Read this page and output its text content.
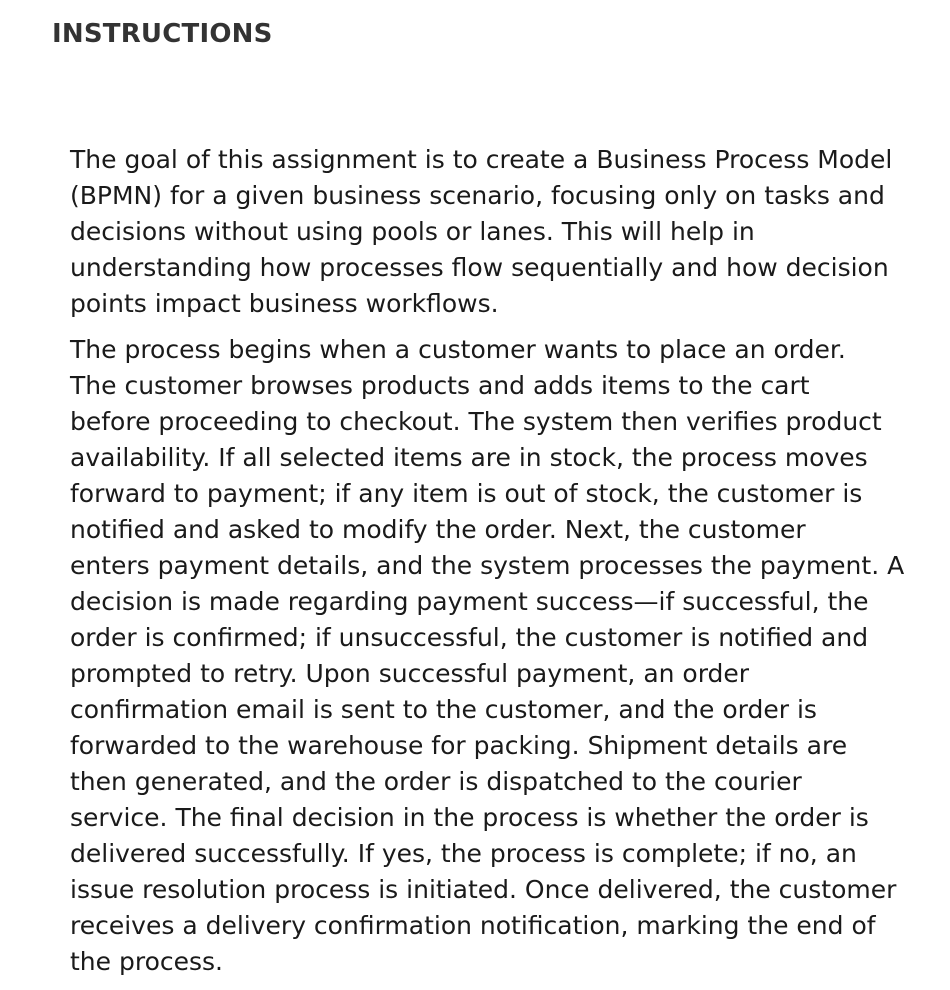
INSTRUCTIONS

The goal of this assignment is to create a Business Process Model
(BPMN) for a given business scenario, focusing only on tasks and
decisions without using pools or lanes. This will help in
understanding how processes flow sequentially and how decision
points impact business workflows.

The process begins when a customer wants to place an order.
The customer browses products and adds items to the cart
before proceeding to checkout. The system then verifies product
availability. If all selected items are in stock, the process moves
forward to payment; if any item is out of stock, the customer is
notified and asked to modify the order. Next, the customer
enters payment details, and the system processes the payment. A
decision is made regarding payment success—if successful, the
order is confirmed; if unsuccessful, the customer is notified and
prompted to retry. Upon successful payment, an order
confirmation email is sent to the customer, and the order is
forwarded to the warehouse for packing. Shipment details are
then generated, and the order is dispatched to the courier
service. The final decision in the process is whether the order is
delivered successfully. If yes, the process is complete; if no, an
issue resolution process is initiated. Once delivered, the customer
receives a delivery confirmation notification, marking the end of
the process.
